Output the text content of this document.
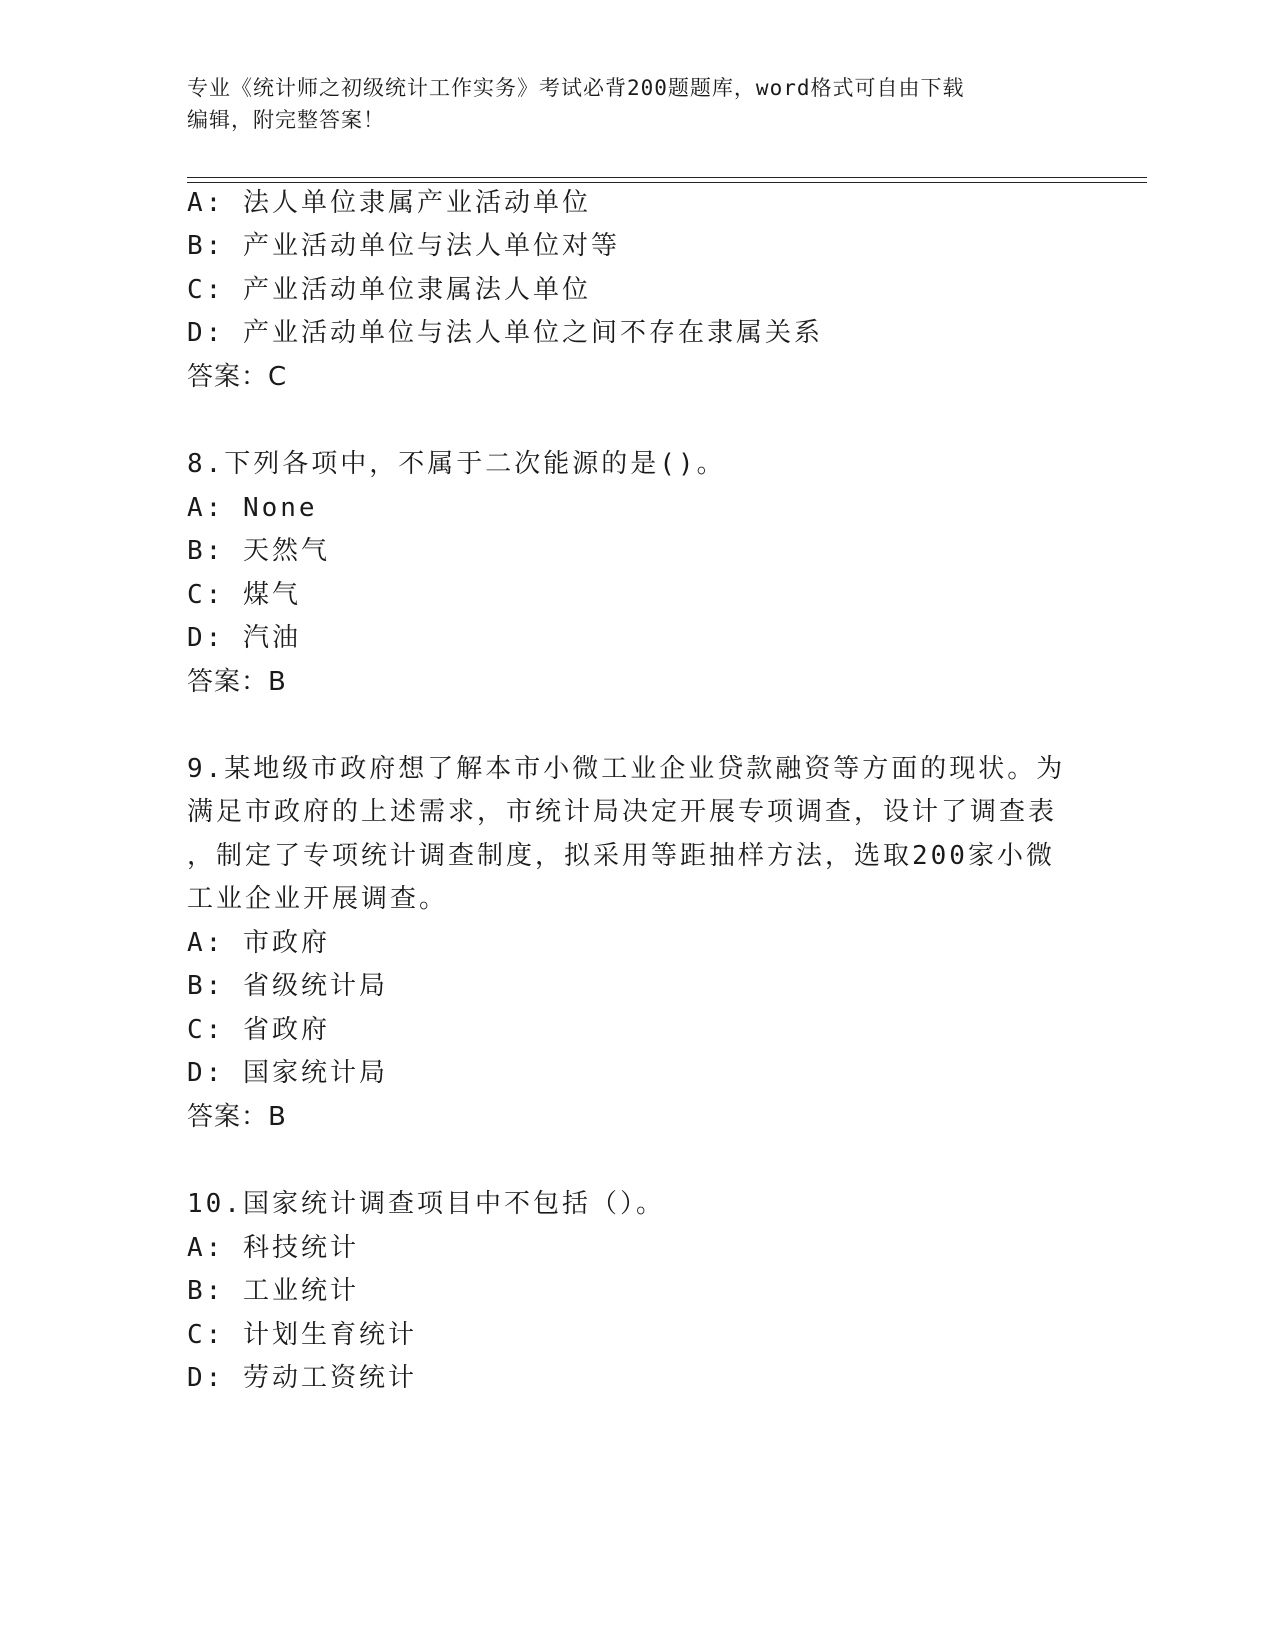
专业《统计师之初级统计工作实务》考试必背200题题库，word格式可自由下载
编辑，附完整答案！
A: 法人单位隶属产业活动单位
B: 产业活动单位与法人单位对等
C: 产业活动单位隶属法人单位
D: 产业活动单位与法人单位之间不存在隶属关系
答案：C
8.下列各项中，不属于二次能源的是()。
A: None
B: 天然气
C: 煤气
D: 汽油
答案：B
9.某地级市政府想了解本市小微工业企业贷款融资等方面的现状。为
满足市政府的上述需求，市统计局决定开展专项调查，设计了调查表
，制定了专项统计调查制度，拟采用等距抽样方法，选取200家小微
工业企业开展调查。
A: 市政府
B: 省级统计局
C: 省政府
D: 国家统计局
答案：B
10.国家统计调查项目中不包括（）。
A: 科技统计
B: 工业统计
C: 计划生育统计
D: 劳动工资统计
